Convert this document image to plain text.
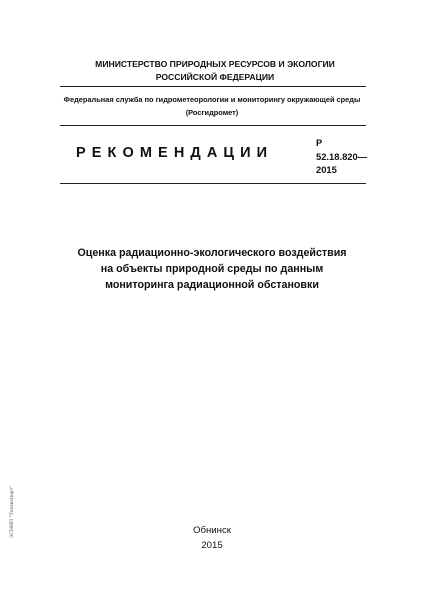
МИНИСТЕРСТВО ПРИРОДНЫХ РЕСУРСОВ И ЭКОЛОГИИ
РОССИЙСКОЙ ФЕДЕРАЦИИ
Федеральная служба по гидрометеорологии и мониторингу окружающей среды
(Росгидромет)
РЕКОМЕНДАЦИИ
Р
52.18.820—
2015
Оценка радиационно-экологического воздействия
на объекты природной среды по данным
мониторинга радиационной обстановки
ЭСНИП "Техэксперт"	Обнинск
2015
